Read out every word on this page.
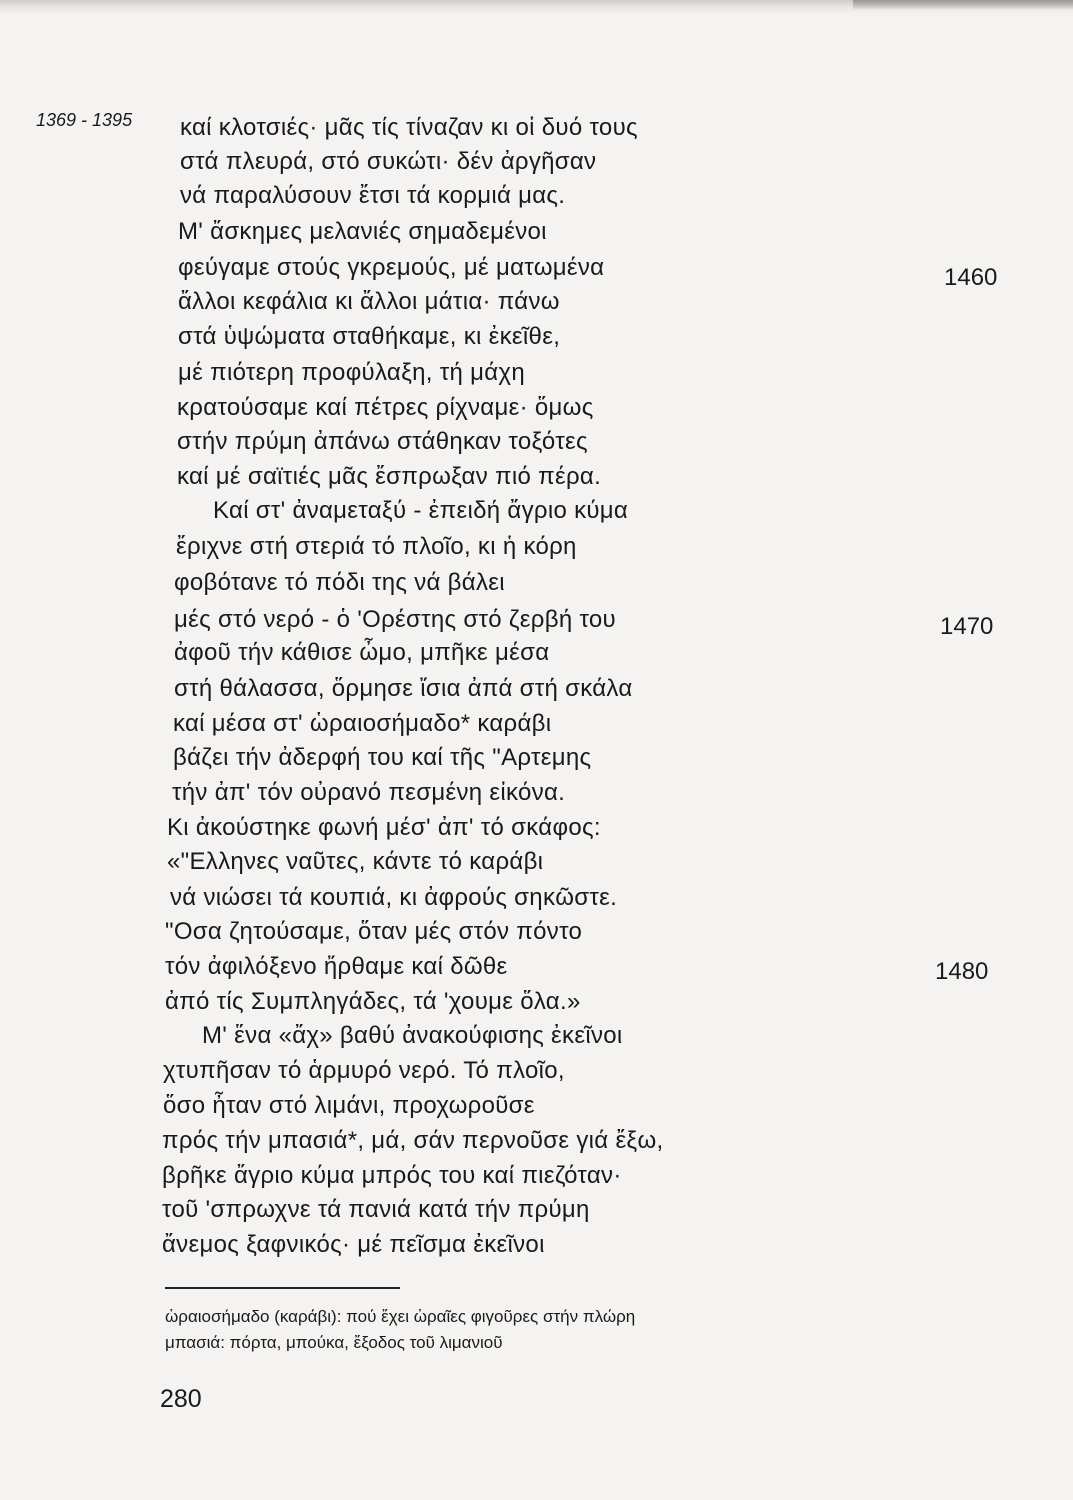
1369 - 1395 καί κλοτσιές· μᾶς τίς τίναζαν κι οἱ δυό τους
στά πλευρά, στό συκώτι· δέν ἀργῆσαν
νά παραλύσουν ἔτσι τά κορμιά μας.
Μ' ἄσκημες μελανιές σημαδεμένοι
φεύγαμε στούς γκρεμούς, μέ ματωμένα
ἄλλοι κεφάλια κι ἄλλοι μάτια· πάνω
στά ὑψώματα σταθήκαμε, κι ἐκεῖθε,
μέ πιότερη προφύλαξη, τή μάχη
κρατούσαμε καί πέτρες ρίχναμε· ὅμως
στήν πρύμη ἀπάνω στάθηκαν τοξότες
καί μέ σαϊτιές μᾶς ἔσπρωξαν πιό πέρα.
Καί στ' ἀναμεταξύ - ἐπειδή ἄγριο κύμα
ἔριχνε στή στεριά τό πλοῖο, κι ἡ κόρη
φοβότανε τό πόδι της νά βάλει
μές στό νερό - ὁ 'Ορέστης στό ζερβή του
ἀφοῦ τήν κάθισε ὦμο, μπῆκε μέσα
στή θάλασσα, ὅρμησε ἴσια ἀπά στή σκάλα
καί μέσα στ' ὡραιοσήμαδο* καράβι
βάζει τήν ἀδερφή του καί τῆς "Αρτεμης
τήν ἀπ' τόν οὐρανό πεσμένη εἰκόνα.
Κι ἀκούστηκε φωνή μέσ' ἀπ' τό σκάφος:
«"Ελληνες ναῦτες, κάντε τό καράβι
νά νιώσει τά κουπιά, κι ἀφρούς σηκῶστε.
"Οσα ζητούσαμε, ὅταν μές στόν πόντο
τόν ἀφιλόξενο ἤρθαμε καί δῶθε
ἀπό τίς Συμπληγάδες, τά 'χουμε ὅλα.»
Μ' ἕνα «ἄχ» βαθύ ἀνακούφισης ἐκεῖνοι
χτυπῆσαν τό ἁρμυρό νερό. Τό πλοῖο,
ὅσο ἦταν στό λιμάνι, προχωροῦσε
πρός τήν μπασιά*, μά, σάν περνοῦσε γιά ἔξω,
βρῆκε ἄγριο κύμα μπρός του καί πιεζόταν·
τοῦ 'σπρωχνε τά πανιά κατά τήν πρύμη
ἄνεμος ξαφνικός· μέ πεῖσμα ἐκεῖνοι
1460
1470
1480
ὡραιοσήμαδο (καράβι): πού ἔχει ὡραῖες φιγοῦρες στήν πλώρη
μπασιά: πόρτα, μπούκα, ἔξοδος τοῦ λιμανιοῦ
280
